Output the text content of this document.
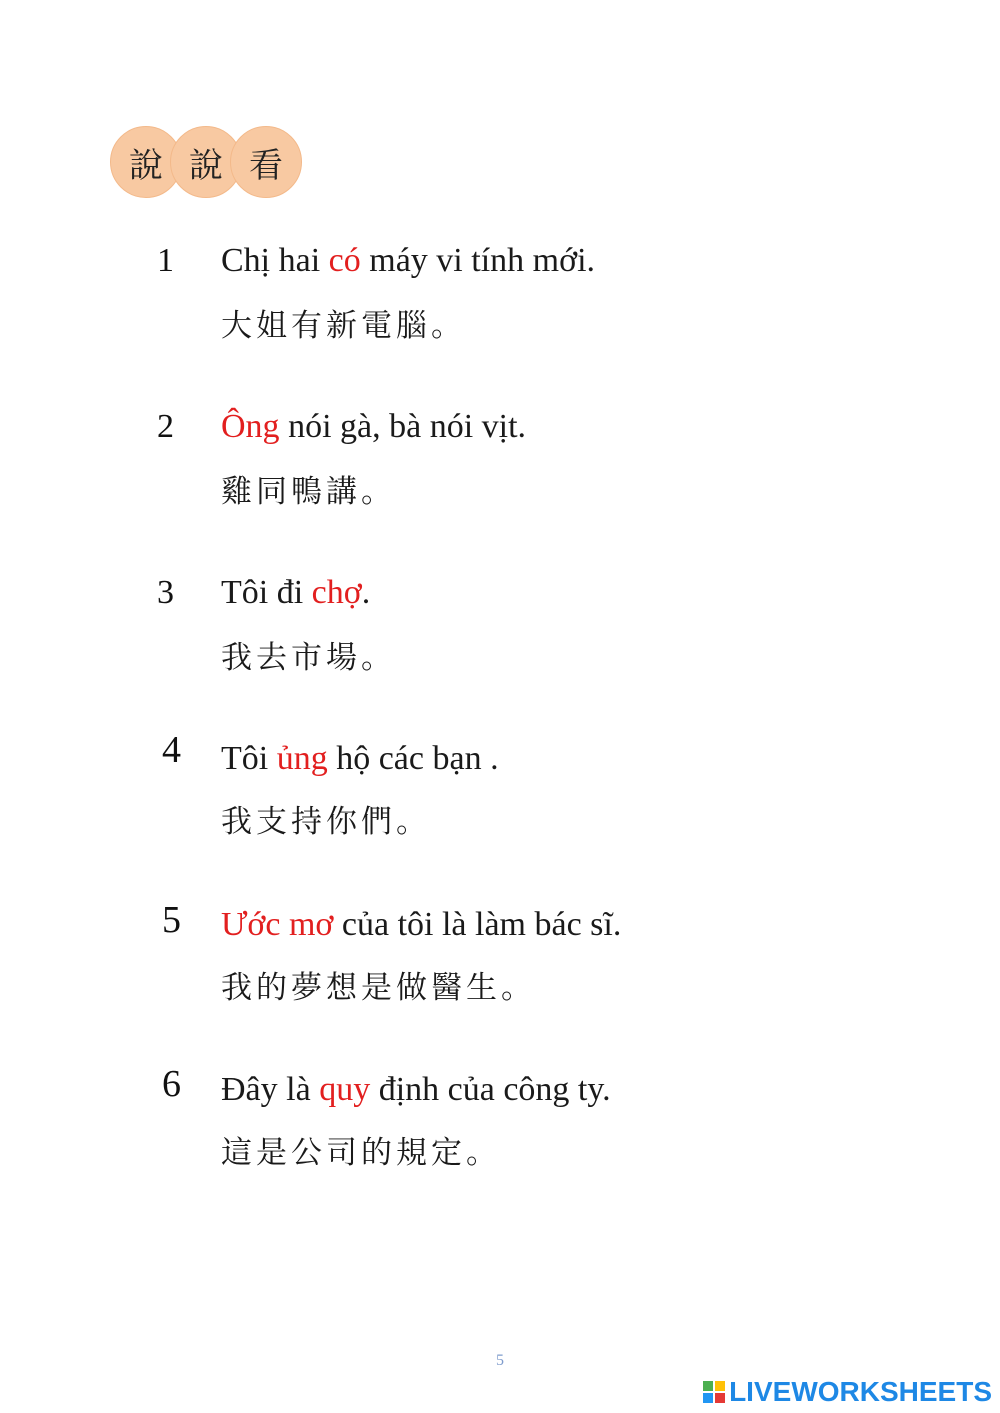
說 說 看
1 Chị hai có máy vi tính mới.
大姐有新電腦。
2 Ông nói gà, bà nói vịt.
雞同鴨講。
3 Tôi đi chợ.
我去市場。
4 Tôi ủng hộ các bạn .
我支持你們。
5 Ước mơ của tôi là làm bác sĩ.
我的夢想是做醫生。
6 Đây là quy định của công ty.
這是公司的規定。
5
LIVEWORKSHEETS
